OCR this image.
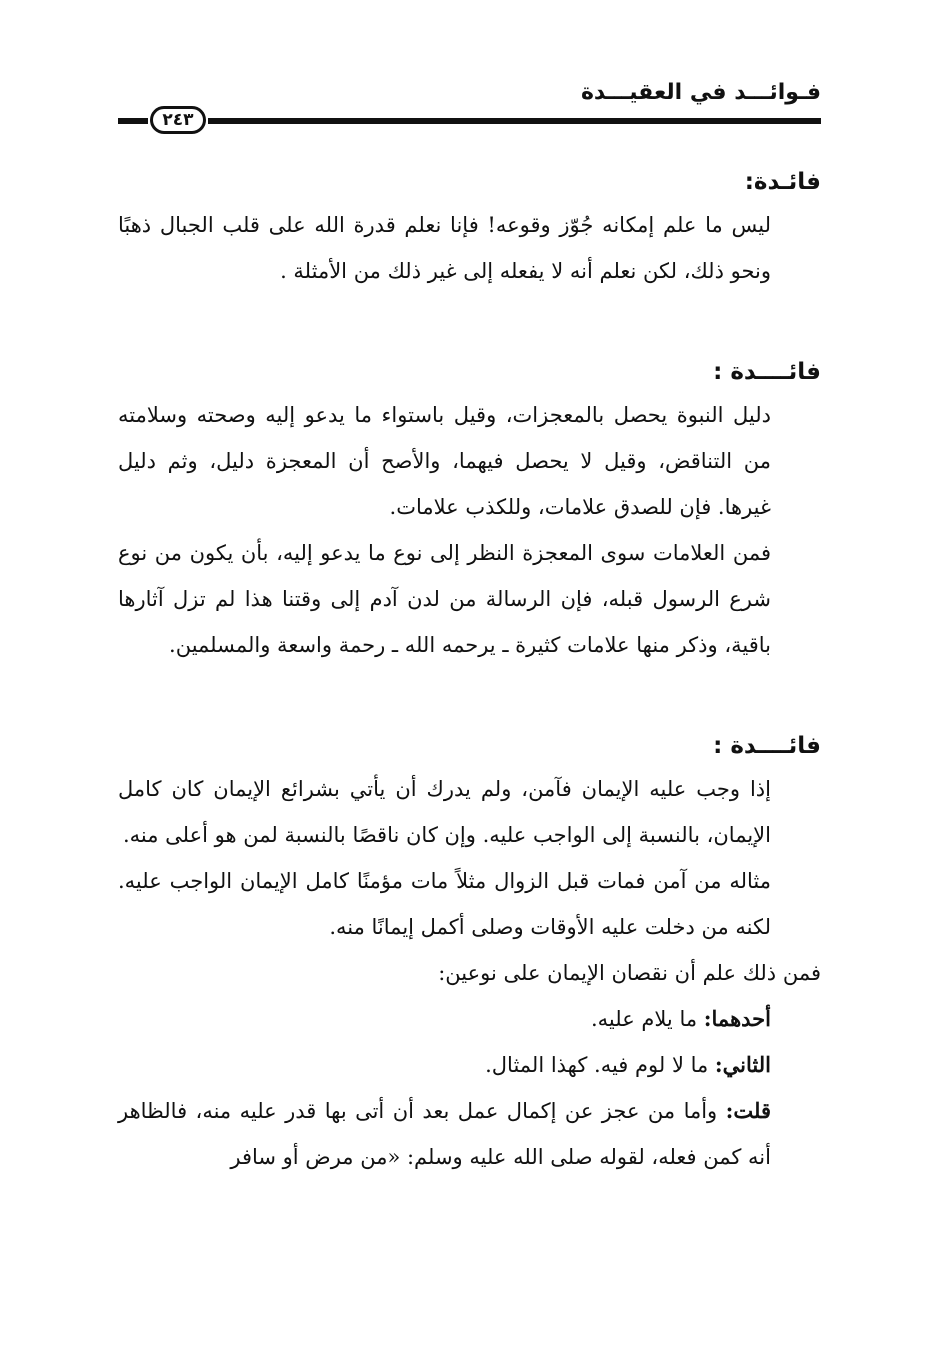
فـوائـــد في العقيـــدة
٢٤٣

فائـدة:

ليس ما علم إمكانه جُوّز وقوعه! فإنا نعلم قدرة الله على قلب الجبال ذهبًا ونحو ذلك، لكن نعلم أنه لا يفعله إلى غير ذلك من الأمثلة .

فائــــدة :

دليل النبوة يحصل بالمعجزات، وقيل باستواء ما يدعو إليه وصحته وسلامته من التناقض، وقيل لا يحصل فيهما، والأصح أن المعجزة دليل، وثم دليل غيرها. فإن للصدق علامات، وللكذب علامات.

فمن العلامات سوى المعجزة النظر إلى نوع ما يدعو إليه، بأن يكون من نوع شرع الرسول قبله، فإن الرسالة من لدن آدم إلى وقتنا هذا لم تزل آثارها باقية، وذكر منها علامات كثيرة ـ يرحمه الله ـ رحمة واسعة والمسلمين.

فائــــدة :

إذا وجب عليه الإيمان فآمن، ولم يدرك أن يأتي بشرائع الإيمان كان كامل الإيمان، بالنسبة إلى الواجب عليه. وإن كان ناقصًا بالنسبة لمن هو أعلى منه.

مثاله من آمن فمات قبل الزوال مثلاً مات مؤمنًا كامل الإيمان الواجب عليه. لكنه من دخلت عليه الأوقات وصلى أكمل إيمانًا منه.

فمن ذلك علم أن نقصان الإيمان على نوعين:

أحدهما: ما يلام عليه.

الثاني: ما لا لوم فيه. كهذا المثال.

قلت: وأما من عجز عن إكمال عمل بعد أن أتى بها قدر عليه منه، فالظاهر أنه كمن فعله، لقوله صلى الله عليه وسلم: «من مرض أو سافر
